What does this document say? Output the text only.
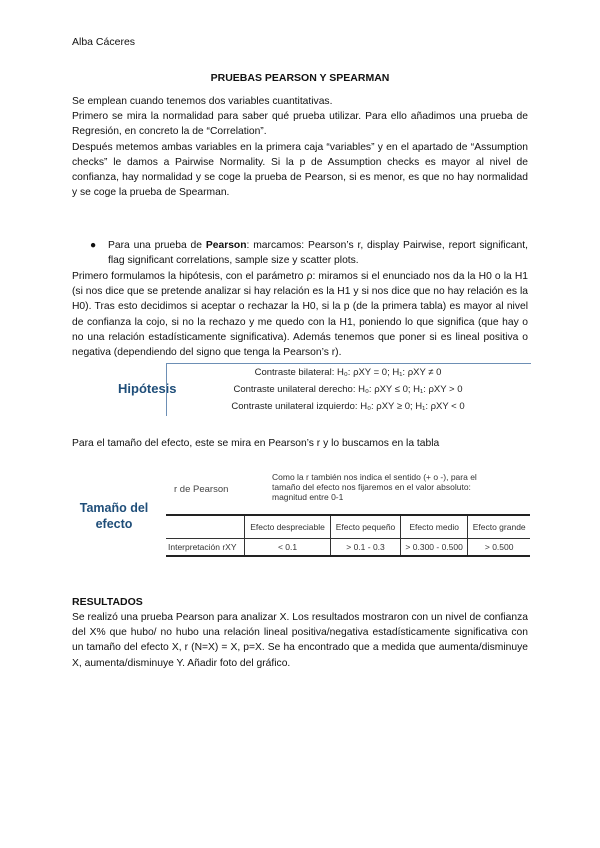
Alba Cáceres
PRUEBAS PEARSON Y SPEARMAN

Se emplean cuando tenemos dos variables cuantitativas.

Primero se mira la normalidad para saber qué prueba utilizar. Para ello añadimos una prueba de Regresión, en concreto la de “Correlation”.

Después metemos ambas variables en la primera caja “variables” y en el apartado de “Assumption checks” le damos a Pairwise Normality. Si la p de Assumption checks es mayor al nivel de confianza, hay normalidad y se coge la prueba de Pearson, si es menor, es que no hay normalidad y se coge la prueba de Spearman.

● Para una prueba de Pearson: marcamos: Pearson’s r, display Pairwise, report significant, flag significant correlations, sample size y scatter plots.
Primero formulamos la hipótesis, con el parámetro ρ: miramos si el enunciado nos da la H0 o la H1 (si nos dice que se pretende analizar si hay relación es la H1 y si nos dice que no hay relación es la H0). Tras esto decidimos si aceptar o rechazar la H0, si la p (de la primera tabla) es mayor al nivel de confianza la cojo, si no la rechazo y me quedo con la H1, poniendo lo que significa (que hay o no una relación estadísticamente significativa). Además tenemos que poner si es lineal positiva o negativa (dependiendo del signo que tenga la Pearson’s r).
Hipótesis
Contraste bilateral: H₀: ρXY = 0; H₁: ρXY ≠ 0
Contraste unilateral derecho: H₀: ρXY ≤ 0; H₁: ρXY > 0
Contraste unilateral izquierdo: H₀: ρXY ≥ 0; H₁: ρXY < 0
Para el tamaño del efecto, este se mira en Pearson’s r y lo buscamos en la tabla
Tamaño del efecto
r de Pearson
Como la r también nos indica el sentido (+ o -), para el tamaño del efecto nos fijaremos en el valor absoluto: magnitud entre 0-1
	Efecto despreciable	Efecto pequeño	Efecto medio	Efecto grande
Interpretación rXY	< 0.1	> 0.1 - 0.3	> 0.300 - 0.500	> 0.500
RESULTADOS
Se realizó una prueba Pearson para analizar X. Los resultados mostraron con un nivel de confianza del X% que hubo/ no hubo una relación lineal positiva/negativa estadísticamente significativa con un tamaño del efecto X, r (N=X) = X, p=X. Se ha encontrado que a medida que aumenta/disminuye X, aumenta/disminuye Y. Añadir foto del gráfico.
